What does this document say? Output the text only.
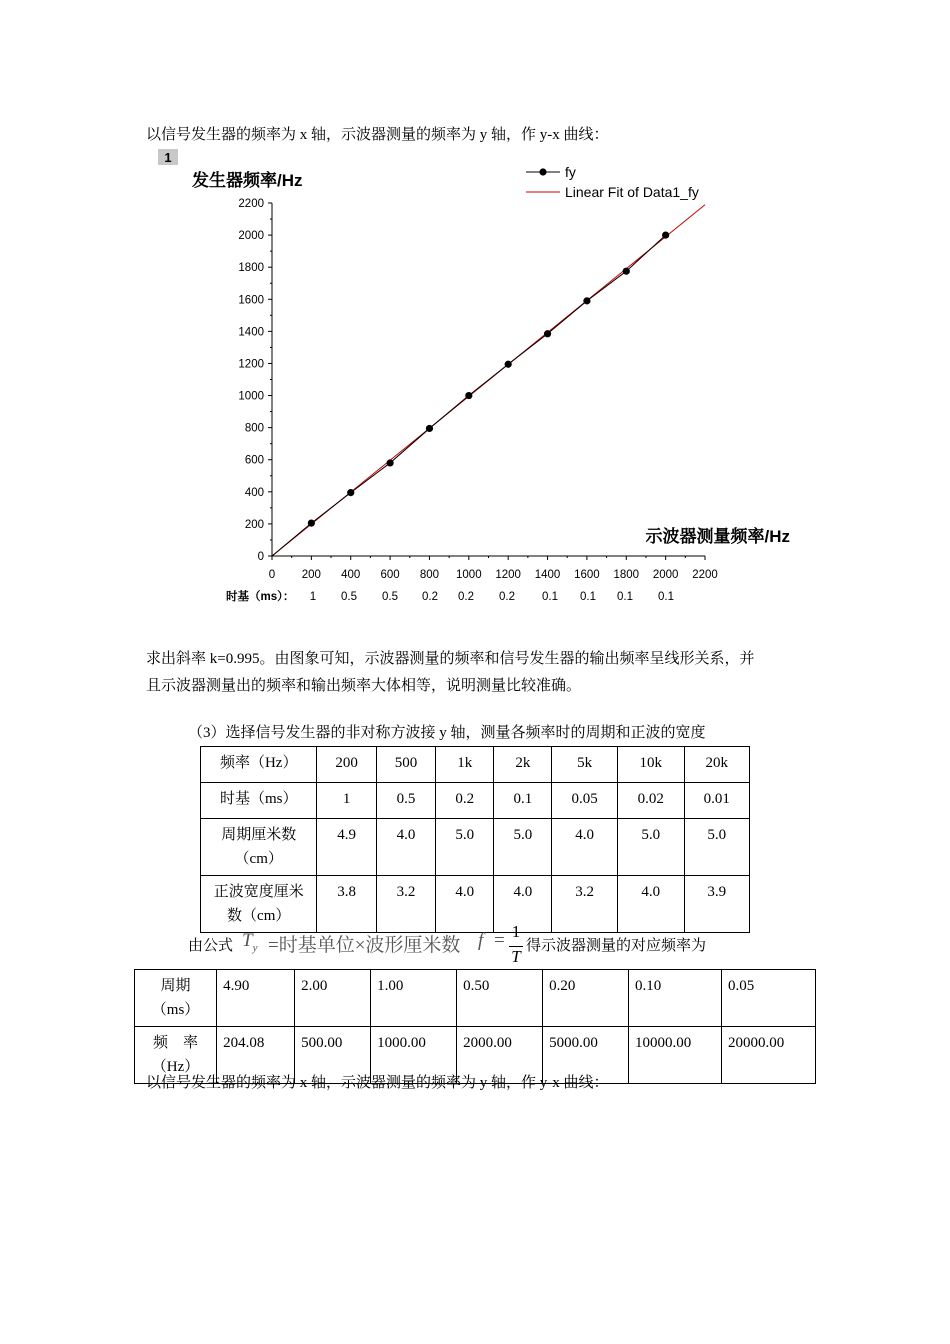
以信号发生器的频率为 x 轴，示波器测量的频率为 y 轴，作 y-x 曲线：
1
发生器频率/Hz
示波器测量频率/Hz
0
200
400
600
800
1000
1200
1400
1600
1800
2000
2200
0 200 400 600 800 1000 1200 1400 1600 1800 2000 2200
fy
Linear Fit of Data1_fy
时基（ms）： 1 0.5 0.5 0.2 0.2 0.2 0.1 0.1 0.1 0.1
求出斜率 k=0.995。由图象可知，示波器测量的频率和信号发生器的输出频率呈线形关系，并
且示波器测量出的频率和输出频率大体相等，说明测量比较准确。
（3）选择信号发生器的非对称方波接 y 轴，测量各频率时的周期和正波的宽度
频率（Hz）	200	500	1k	2k	5k	10k	20k
时基（ms）	1	0.5	0.2	0.1	0.05	0.02	0.01
周期厘米数（cm）	4.9	4.0	5.0	5.0	4.0	5.0	5.0
正波宽度厘米数（cm）	3.8	3.2	4.0	4.0	3.2	4.0	3.9
由公式 $T_y$ =时基单位×波形厘米数 f = 1
T
得示波器测量的对应频率为
周期（ms）	4.90	2.00	1.00	0.50	0.20	0.10	0.05
频　率（Hz）	204.08	500.00	1000.00	2000.00	5000.00	10000.00	20000.00
以信号发生器的频率为 x 轴，示波器测量的频率为 y 轴，作 y-x 曲线：
